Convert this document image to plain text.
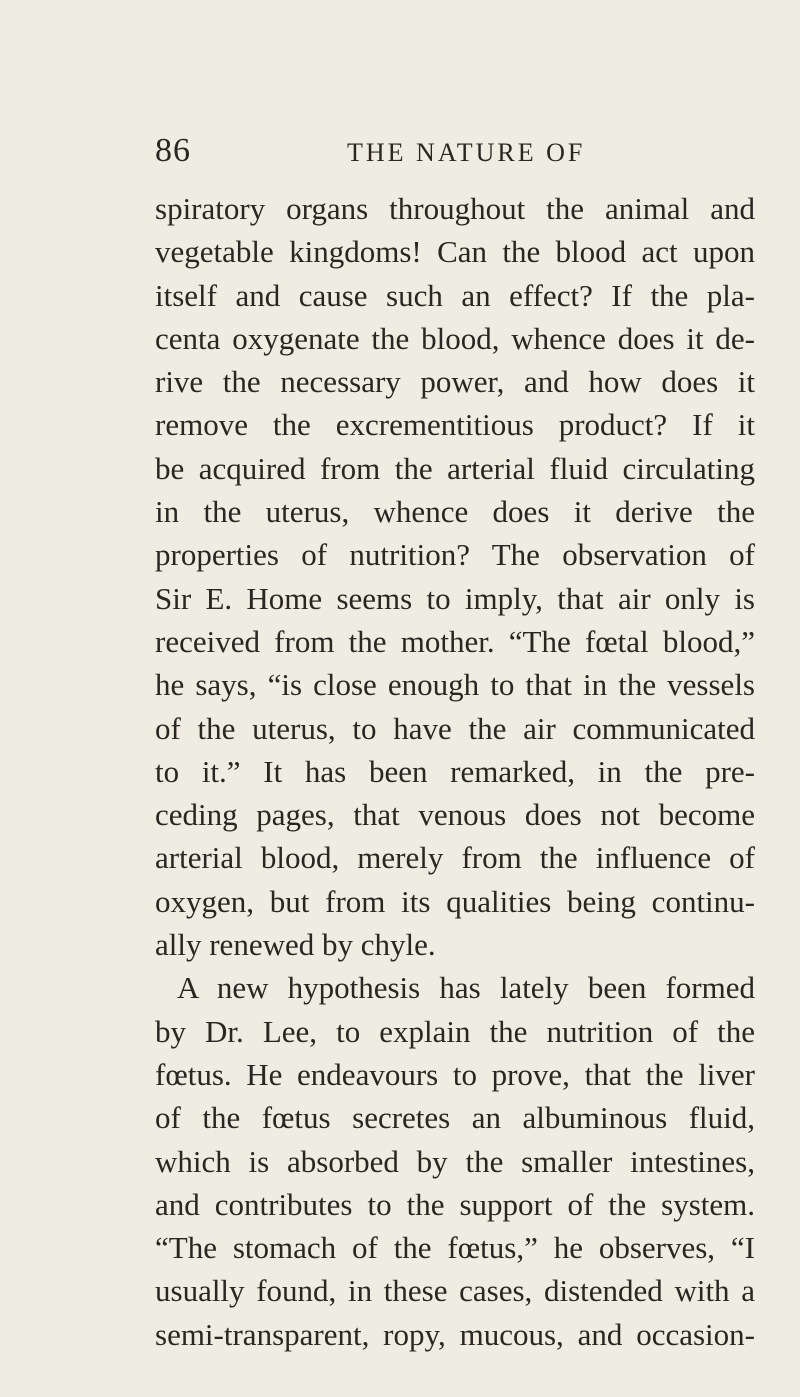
86	THE NATURE OF
spiratory organs throughout the animal and
vegetable kingdoms! Can the blood act upon
itself and cause such an effect? If the pla-
centa oxygenate the blood, whence does it de-
rive the necessary power, and how does it
remove the excrementitious product? If it
be acquired from the arterial fluid circulating
in the uterus, whence does it derive the
properties of nutrition? The observation of
Sir E. Home seems to imply, that air only is
received from the mother. “The fœtal blood,”
he says, “is close enough to that in the vessels
of the uterus, to have the air communicated
to it.” It has been remarked, in the pre-
ceding pages, that venous does not become
arterial blood, merely from the influence of
oxygen, but from its qualities being continu-
ally renewed by chyle.
A new hypothesis has lately been formed
by Dr. Lee, to explain the nutrition of the
fœtus. He endeavours to prove, that the liver
of the fœtus secretes an albuminous fluid,
which is absorbed by the smaller intestines,
and contributes to the support of the system.
“The stomach of the fœtus,” he observes, “I
usually found, in these cases, distended with a
semi-transparent, ropy, mucous, and occasion-
